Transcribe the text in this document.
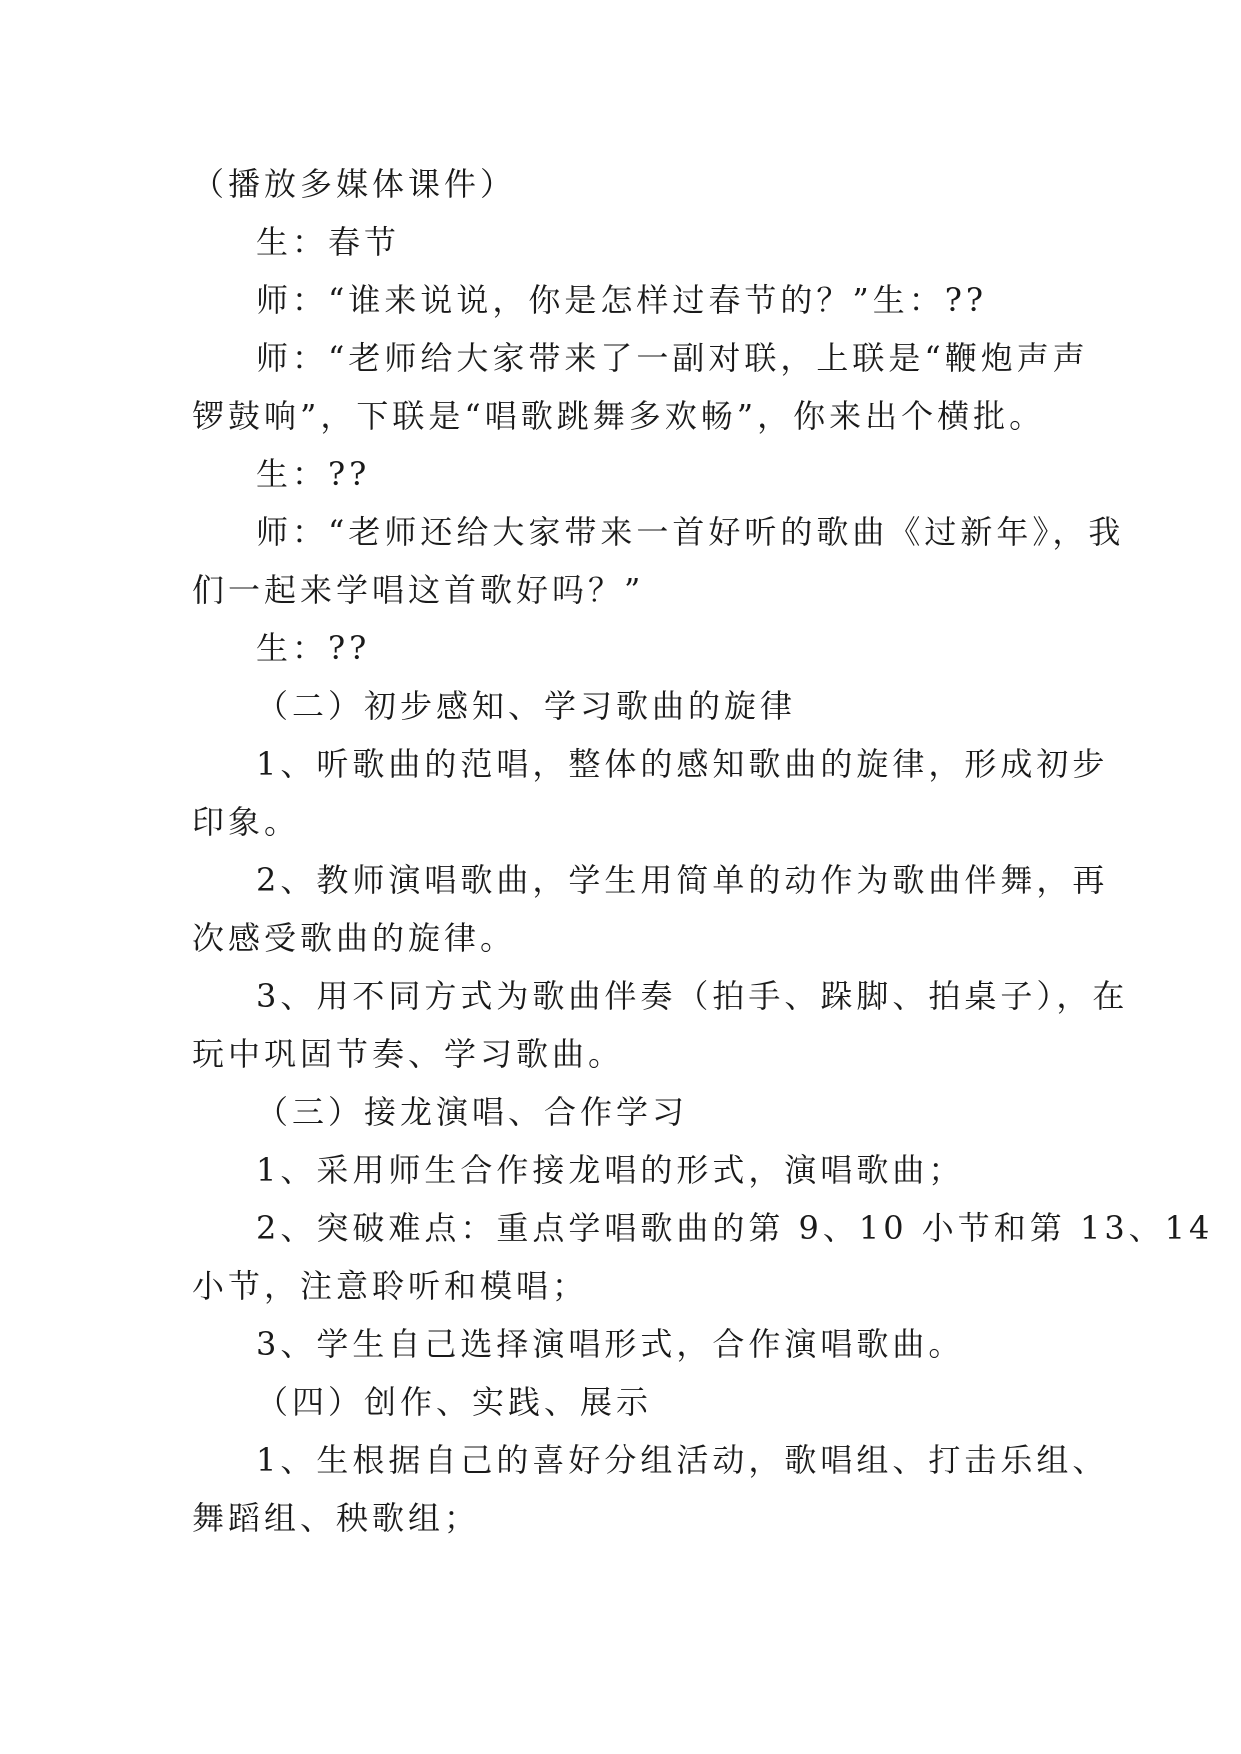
（播放多媒体课件）
生：春节
师：“谁来说说，你是怎样过春节的？”生：??
师：“老师给大家带来了一副对联，上联是“鞭炮声声
锣鼓响”，下联是“唱歌跳舞多欢畅”，你来出个横批。
生：??
师：“老师还给大家带来一首好听的歌曲《过新年》，我
们一起来学唱这首歌好吗？”
生：??
（二）初步感知、学习歌曲的旋律
1、听歌曲的范唱，整体的感知歌曲的旋律，形成初步
印象。
2、教师演唱歌曲，学生用简单的动作为歌曲伴舞，再
次感受歌曲的旋律。
3、用不同方式为歌曲伴奏（拍手、跺脚、拍桌子），在
玩中巩固节奏、学习歌曲。
（三）接龙演唱、合作学习
1、采用师生合作接龙唱的形式，演唱歌曲；
2、突破难点：重点学唱歌曲的第 9、10 小节和第 13、14
小节，注意聆听和模唱；
3、学生自己选择演唱形式，合作演唱歌曲。
（四）创作、实践、展示
1、生根据自己的喜好分组活动，歌唱组、打击乐组、
舞蹈组、秧歌组；
